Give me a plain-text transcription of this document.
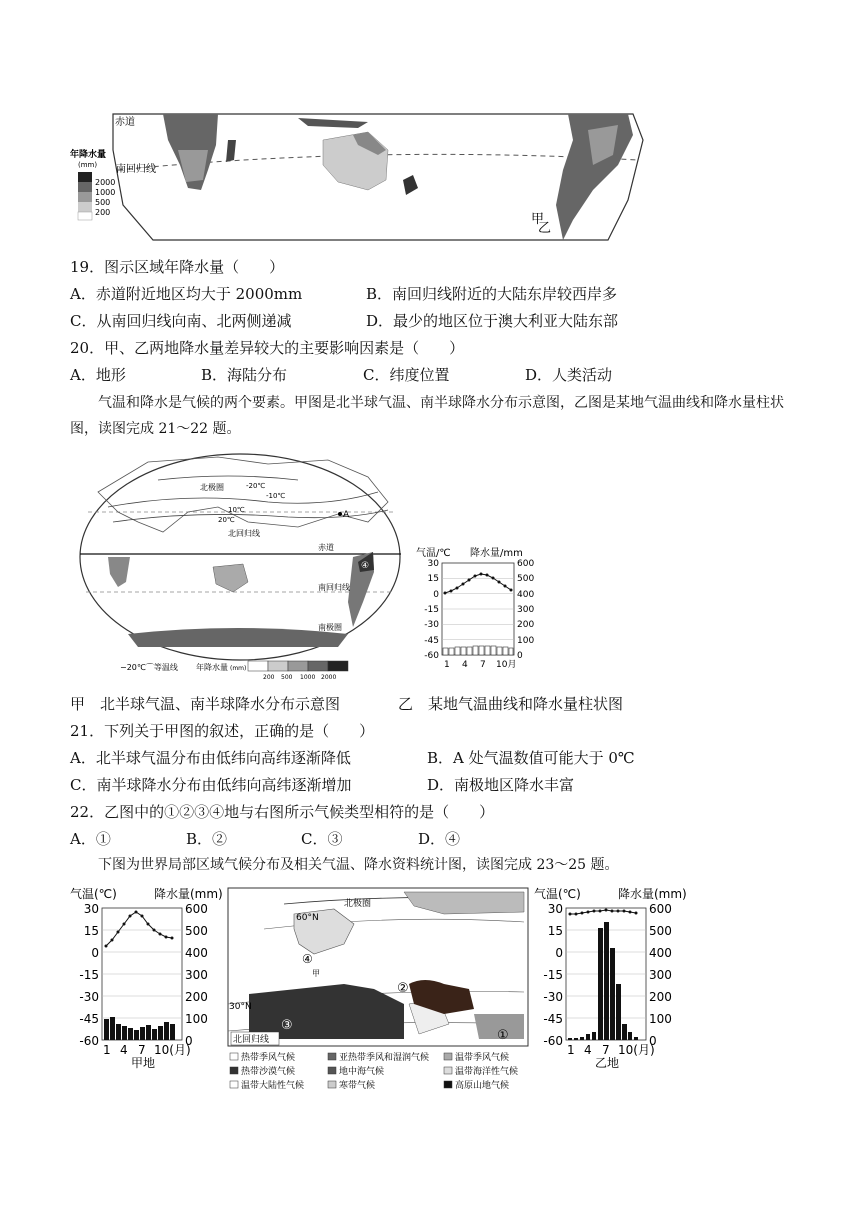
赤道
南回归线
甲
乙
年降水量
(mm)
2000
1000
500
200
19．图示区域年降水量（　　）
A．赤道附近地区均大于 2000mm	B．南回归线附近的大陆东岸较西岸多
C．从南回归线向南、北两侧递减	D．最少的地区位于澳大利亚大陆东部
20．甲、乙两地降水量差异较大的主要影响因素是（　　）
A．地形	B．海陆分布	C．纬度位置	D．人类活动
气温和降水是气候的两个要素。甲图是北半球气温、南半球降水分布示意图，乙图是某地气温曲线和降水量柱状图，读图完成 21～22 题。
北极圈	-20℃
-10℃
10℃
20℃	A
北回归线
赤道
南回归线
南极圈
④
−20℃⌒等温线 年降水量 (mm)
200 500 1000 2000
气温/℃ 降水量/mm
30
15
0
-15
-30
-45
-60
600
500
400
300
200
100
0
1 4 7 10月
甲　北半球气温、南半球降水分布示意图	乙　某地气温曲线和降水量柱状图
21．下列关于甲图的叙述，正确的是（　　）
A．北半球气温分布由低纬向高纬逐渐降低	B．A 处气温数值可能大于 0℃
C．南半球降水分布由低纬向高纬逐渐增加	D．南极地区降水丰富
22．乙图中的①②③④地与右图所示气候类型相符的是（　　）
A．①	B．②	C．③	D．④
下图为世界局部区域气候分布及相关气温、降水资料统计图，读图完成 23～25 题。
气温(℃)	降水量(mm)
30
15
0
-15
-30
-45
-60
600
500
400
300
200
100
0
1 4 7 10(月)
甲地
60°N
北极圈
30°N
北回归线
④
甲
②
③
①
热带季风气候	亚热带季风和湿润气候	温带季风气候
热带沙漠气候	地中海气候	温带海洋性气候
温带大陆性气候	寒带气候	高原山地气候
气温(℃)	降水量(mm)
30
15
0
-15
-30
-45
-60
600
500
400
300
200
100
0
1 4 7 10(月)
乙地
